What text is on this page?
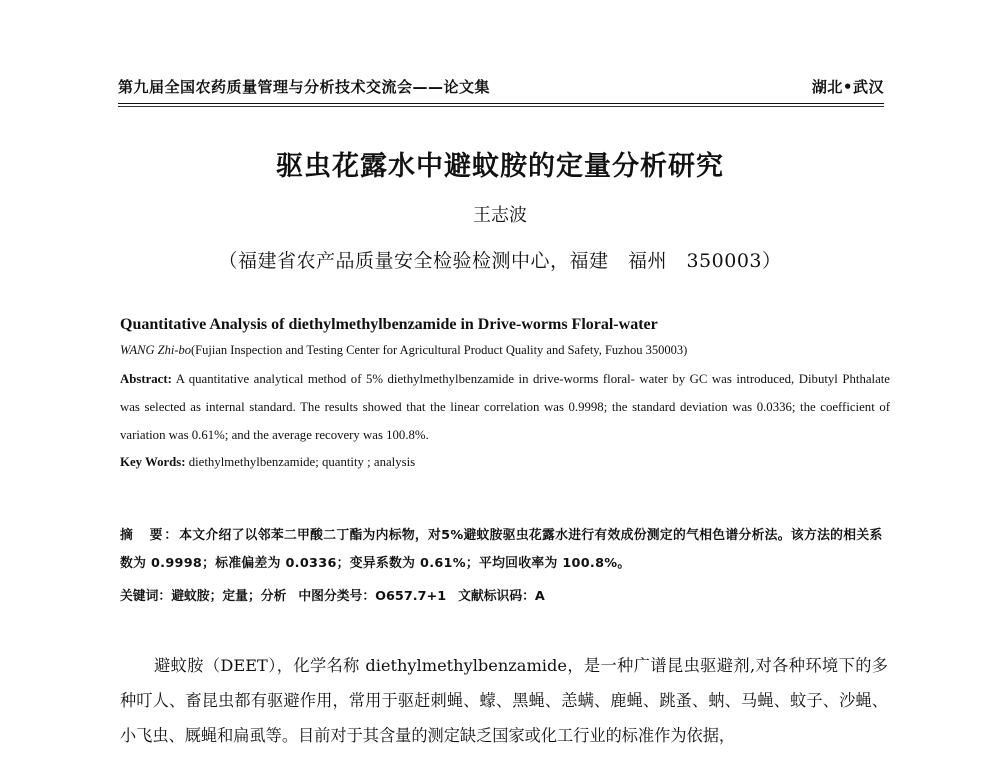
第九届全国农药质量管理与分析技术交流会——论文集	湖北•武汉
驱虫花露水中避蚊胺的定量分析研究
王志波
（福建省农产品质量安全检验检测中心，福建　福州　350003）
Quantitative Analysis of diethylmethylbenzamide in Drive-worms Floral-water
WANG Zhi-bo(Fujian Inspection and Testing Center for Agricultural Product Quality and Safety, Fuzhou 350003)
Abstract: A quantitative analytical method of 5% diethylmethylbenzamide in drive-worms floral- water by GC was introduced, Dibutyl Phthalate was selected as internal standard. The results showed that the linear correlation was 0.9998; the standard deviation was 0.0336; the coefficient of variation was 0.61%; and the average recovery was 100.8%.
Key Words: diethylmethylbenzamide; quantity ; analysis
摘　要：本文介绍了以邻苯二甲酸二丁酯为内标物，对5%避蚊胺驱虫花露水进行有效成份测定的气相色谱分析法。该方法的相关系数为 0.9998；标准偏差为 0.0336；变异系数为 0.61%；平均回收率为 100.8%。
关键词：避蚊胺；定量；分析 中图分类号：O657.7+1 文献标识码：A
避蚊胺（DEET），化学名称 diethylmethylbenzamide，是一种广谱昆虫驱避剂,对各种环境下的多种叮人、畜昆虫都有驱避作用，常用于驱赶刺蝇、蠓、黑蝇、恙螨、鹿蝇、跳蚤、蚋、马蝇、蚊子、沙蝇、小飞虫、厩蝇和扁虱等。目前对于其含量的测定缺乏国家或化工行业的标准作为依据，
